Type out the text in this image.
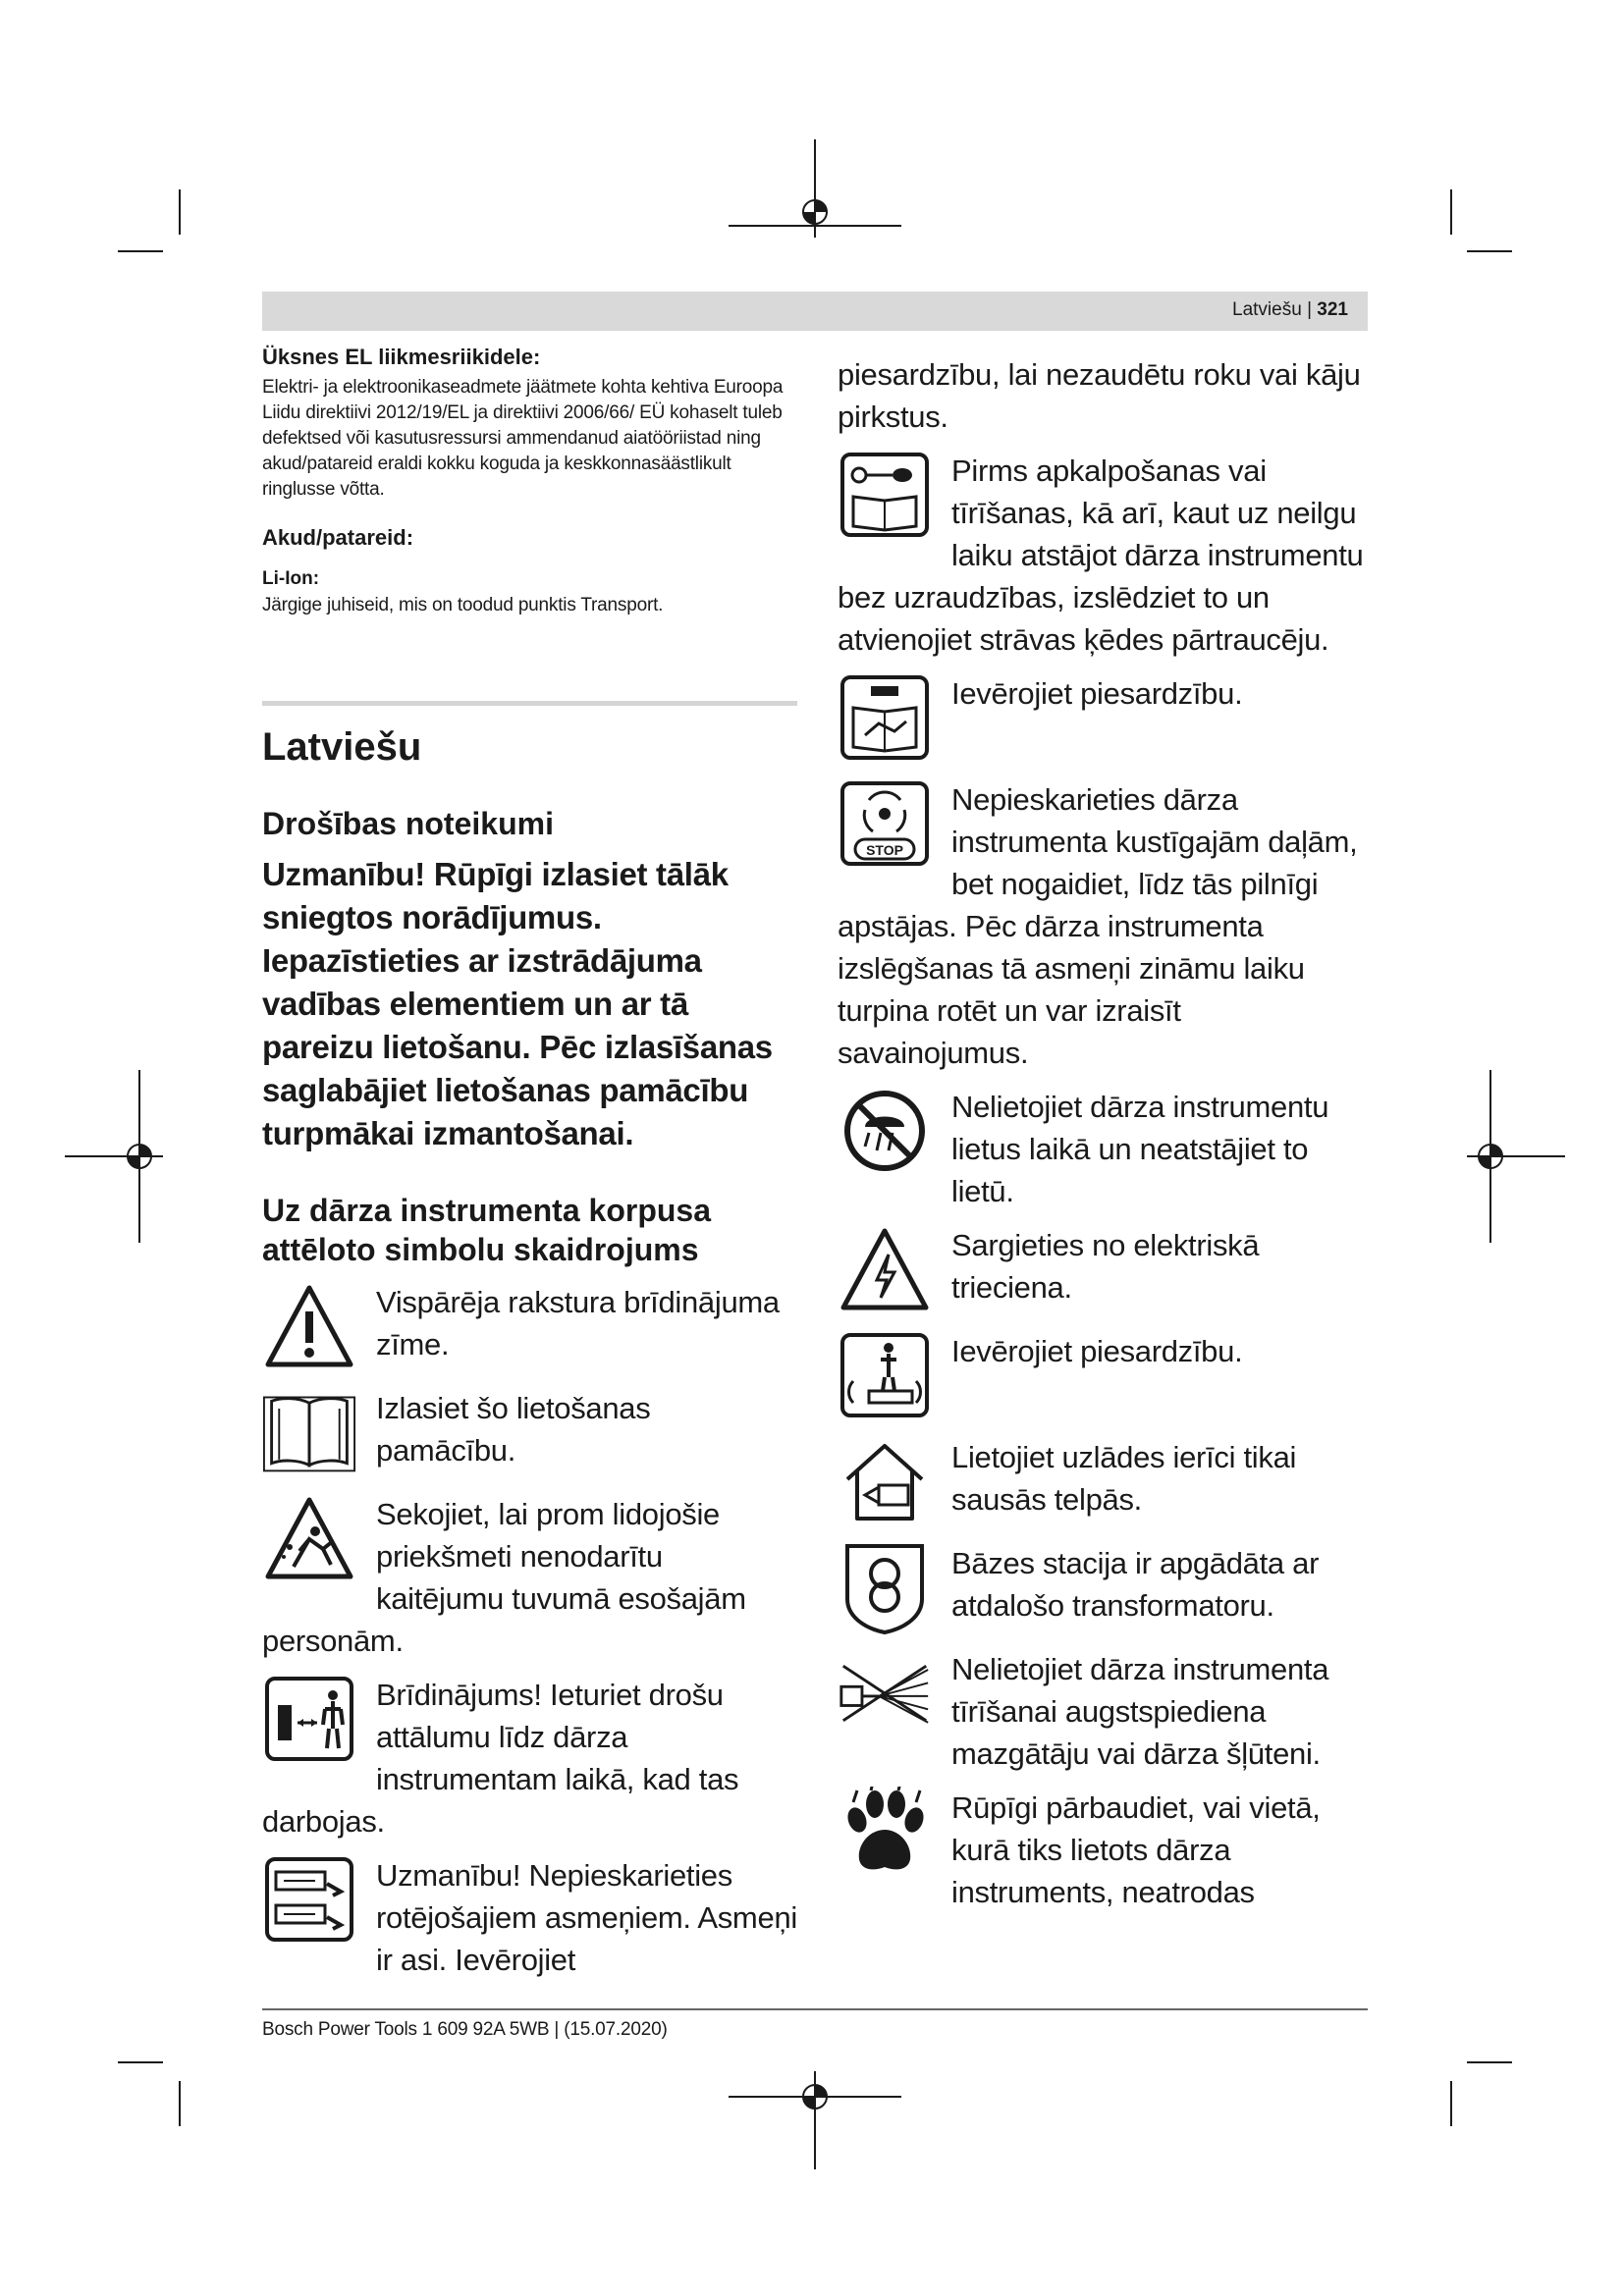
Latviešu | 321

Üksnes EL liikmesriikidele:

Elektri- ja elektroonikaseadmete jäätmete kohta kehtiva Euroopa Liidu direktiivi 2012/19/EL ja direktiivi 2006/66/ EÜ kohaselt tuleb defektsed või kasutusressursi ammendanud aiatööriistad ning akud/patareid eraldi kokku koguda ja keskkonnasäästlikult ringlusse võtta.

Akud/patareid:

Li-Ion:

Järgige juhiseid, mis on toodud punktis Transport.

Latviešu

Drošības noteikumi

Uzmanību! Rūpīgi izlasiet tālāk sniegtos norādījumus. Iepazīstieties ar izstrādājuma vadības elementiem un ar tā pareizu lietošanu. Pēc izlasīšanas saglabājiet lietošanas pamācību turpmākai izmantošanai.

Uz dārza instrumenta korpusa attēloto simbolu skaidrojums

Vispārēja rakstura brīdinājuma zīme.

Izlasiet šo lietošanas pamācību.

Sekojiet, lai prom lidojošie priekšmeti nenodarītu kaitējumu tuvumā esošajām personām.

Brīdinājums! Ieturiet drošu attālumu līdz dārza instrumentam laikā, kad tas darbojas.

Uzmanību! Nepieskarieties rotējošajiem asmeņiem. Asmeņi ir asi. Ievērojiet

piesardzību, lai nezaudētu roku vai kāju pirkstus.

Pirms apkalpošanas vai tīrīšanas, kā arī, kaut uz neilgu laiku atstājot dārza instrumentu bez uzraudzības, izslēdziet to un atvienojiet strāvas ķēdes pārtraucēju.

Ievērojiet piesardzību.

STOP

Nepieskarieties dārza instrumenta kustīgajām daļām, bet nogaidiet, līdz tās pilnīgi apstājas. Pēc dārza instrumenta izslēgšanas tā asmeņi zināmu laiku turpina rotēt un var izraisīt savainojumus.

Nelietojiet dārza instrumentu lietus laikā un neatstājiet to lietū.

Sargieties no elektriskā trieciena.

Ievērojiet piesardzību.

Lietojiet uzlādes ierīci tikai sausās telpās.

Bāzes stacija ir apgādāta ar atdalošo transformatoru.

Nelietojiet dārza instrumenta tīrīšanai augstspiediena mazgātāju vai dārza šļūteni.

Rūpīgi pārbaudiet, vai vietā, kurā tiks lietots dārza instruments, neatrodas

Bosch Power Tools 1 609 92A 5WB | (15.07.2020)
